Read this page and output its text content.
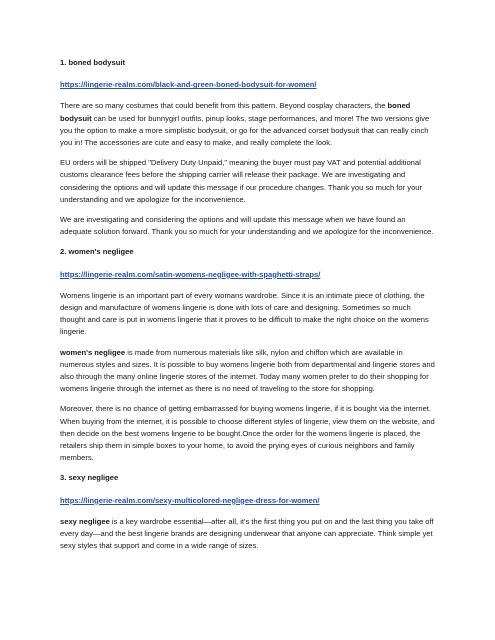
1. boned bodysuit
https://lingerie-realm.com/black-and-green-boned-bodysuit-for-women/

There are so many costumes that could benefit from this pattern. Beyond cosplay characters, the boned bodysuit can be used for bunnygirl outfits, pinup looks, stage performances, and more! The two versions give you the option to make a more simplistic bodysuit, or go for the advanced corset bodysuit that can really cinch you in! The accessories are cute and easy to make, and really complete the look.

EU orders will be shipped "Delivery Duty Unpaid," meaning the buyer must pay VAT and potential additional customs clearance fees before the shipping carrier will release their package. We are investigating and considering the options and will update this message if our procedure changes. Thank you so much for your understanding and we apologize for the inconvenience.

We are investigating and considering the options and will update this message when we have found an adequate solution forward. Thank you so much for your understanding and we apologize for the inconvenience.

2. women's negligee
https://lingerie-realm.com/satin-womens-negligee-with-spaghetti-straps/

Womens lingerie is an important part of every womans wardrobe. Since it is an intimate piece of clothing, the design and manufacture of womens lingerie is done with lots of care and designing. Sometimes so much thought and care is put in womens lingerie that it proves to be difficult to make the right choice on the womens lingerie.

women's negligee is made from numerous materials like silk, nylon and chiffon which are available in numerous styles and sizes. It is possible to buy womens lingerie both from departmental and lingerie stores and also through the many online lingerie stores of the internet. Today many women prefer to do their shopping for womens lingerie through the internet as there is no need of traveling to the store for shopping.

Moreover, there is no chance of getting embarrassed for buying womens lingerie, if it is bought via the internet. When buying from the internet, it is possible to choose different styles of lingerie, view them on the website, and then decide on the best womens lingerie to be bought.Once the order for the womens lingerie is placed, the retailers ship them in simple boxes to your home, to avoid the prying eyes of curious neighbors and family members.

3. sexy negligee
https://lingerie-realm.com/sexy-multicolored-negligee-dress-for-women/

sexy negligee is a key wardrobe essential—after all, it's the first thing you put on and the last thing you take off every day—and the best lingerie brands are designing underwear that anyone can appreciate. Think simple yet sexy styles that support and come in a wide range of sizes.
